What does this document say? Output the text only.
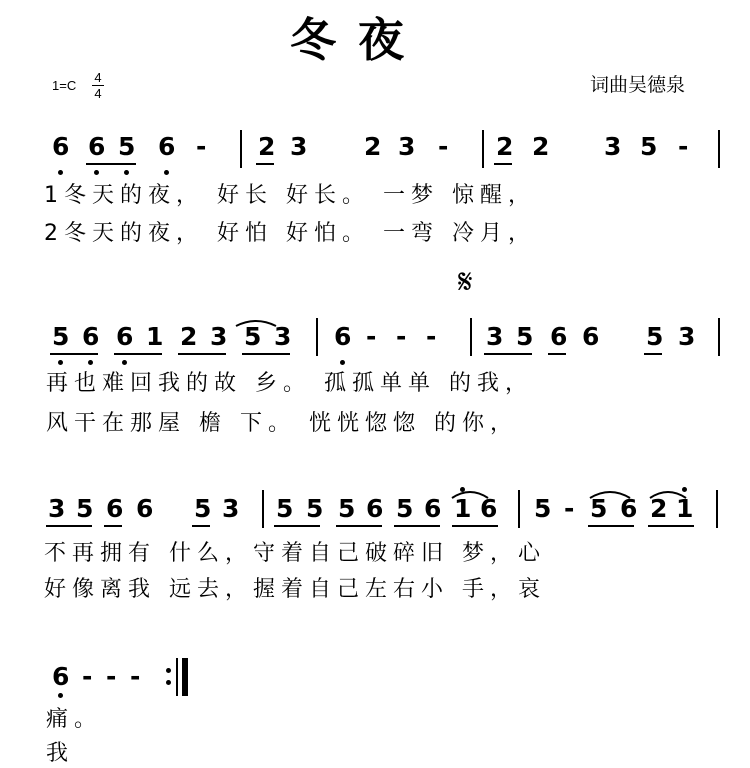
冬夜
1=C
4
4	词曲吴德泉
6 6 5 6 - 2 3 2 3 - 2 2 3 5 -
1冬天的夜， 好长 好长。 一梦 惊醒，
2冬天的夜， 好怕 好怕。 一弯 冷月，
𝄋
5 6 6 1 2 3 5 3 6 - - - 3 5 6 6 5 3
再也难回我的故 乡。 孤孤单单 的我，
风干在那屋 檐 下。 恍恍惚惚 的你，
3 5 6 6 5 3 5 5 5 6 5 6 1 6 5 - 5 6 2 1
不再拥有 什么，守着自己破碎旧 梦，心
好像离我 远去，握着自己左右小 手，哀
6 - - -
痛。
我
